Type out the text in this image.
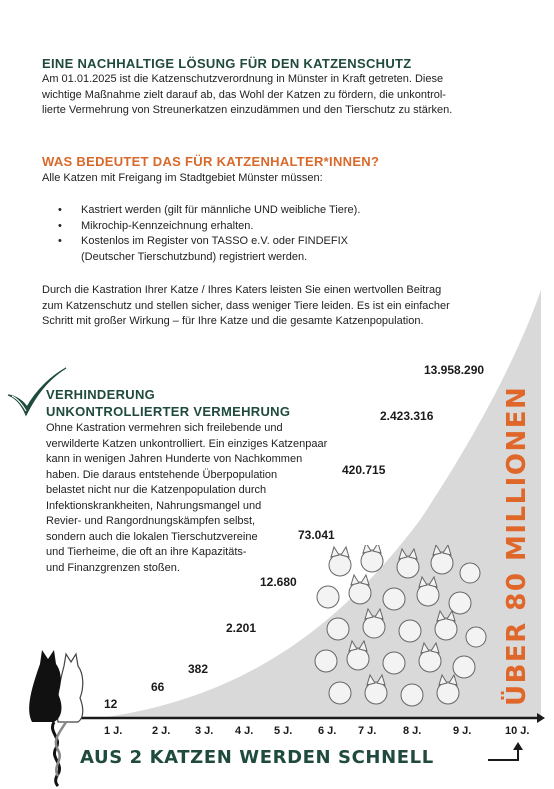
EINE NACHHALTIGE LÖSUNG FÜR DEN KATZENSCHUTZ

Am 01.01.2025 ist die Katzenschutzverordnung in Münster in Kraft getreten. Diese

wichtige Maßnahme zielt darauf ab, das Wohl der Katzen zu fördern, die unkontrol-

lierte Vermehrung von Streunerkatzen einzudämmen und den Tierschutz zu stärken.

WAS BEDEUTET DAS FÜR KATZENHALTER*INNEN?

Alle Katzen mit Freigang im Stadtgebiet Münster müssen:

• Kastriert werden (gilt für männliche UND weibliche Tiere).
• Mikrochip-Kennzeichnung erhalten.
• Kostenlos im Register von TASSO e.V. oder FINDEFIX

(Deutscher Tierschutzbund) registriert werden.

Durch die Kastration Ihrer Katze / Ihres Katers leisten Sie einen wertvollen Beitrag

zum Katzenschutz und stellen sicher, dass weniger Tiere leiden. Es ist ein einfacher

Schritt mit großer Wirkung – für Ihre Katze und die gesamte Katzenpopulation.

VERHINDERUNG
UNKONTROLLIERTER VERMEHRUNG

Ohne Kastration vermehren sich freilebende und

verwilderte Katzen unkontrolliert. Ein einziges Katzenpaar

kann in wenigen Jahren Hunderte von Nachkommen

haben. Die daraus entstehende Überpopulation

belastet nicht nur die Katzenpopulation durch

Infektionskrankheiten, Nahrungsmangel und

Revier- und Rangordnungskämpfen selbst,

sondern auch die lokalen Tierschutzvereine

und Tierheime, die oft an ihre Kapazitäts-

und Finanzgrenzen stoßen.	ÜBER 80 MILLIONEN
12
66
382
2.201
12.680
73.041
420.715
2.423.316
13.958.290
1 J.	2 J. 3 J. 4 J. 5 J. 6 J. 7 J. 8 J.	9 J.	10 J.
AUS 2 KATZEN WERDEN SCHNELL
